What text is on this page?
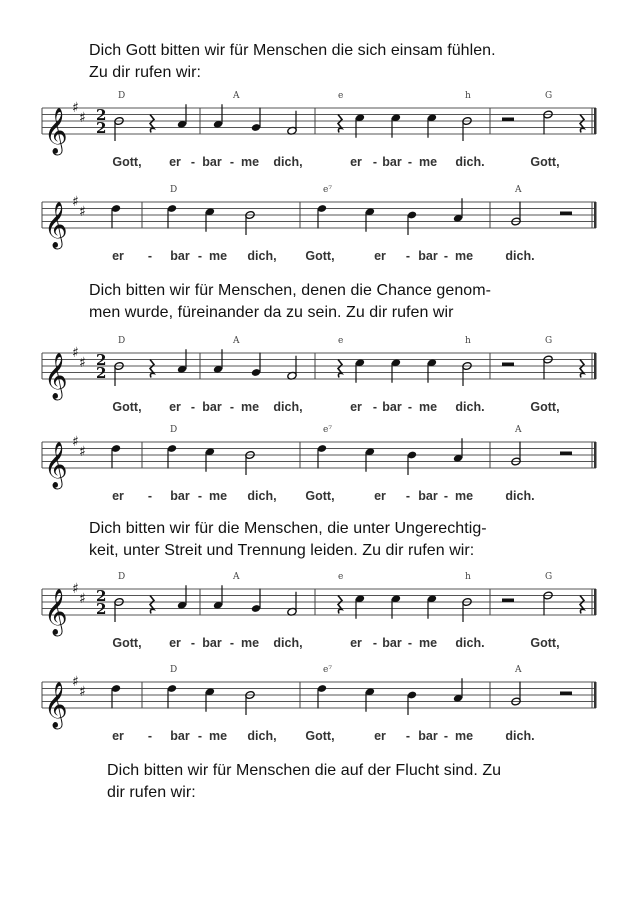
Dich Gott bitten wir für Menschen die sich einsam fühlen.
Zu dir rufen wir:
𝄞 ♯
♯ 2
2
D	A	e	h	G
Gott, er - bar - me dich,	er - bar - me dich.	Gott,
𝄞 ♯
♯
D	e⁷	A
er - bar - me dich, Gott,	er - bar - me	dich.
Dich bitten wir für Menschen, denen die Chance genom-
men wurde, füreinander da zu sein. Zu dir rufen wir
𝄞 ♯
♯ 2
2
D	A	e	h	G
Gott, er - bar - me dich,	er - bar - me dich.	Gott,
𝄞 ♯
♯
D	e⁷	A
er - bar - me dich, Gott,	er - bar - me	dich.
Dich bitten wir für die Menschen, die unter Ungerechtig-
keit, unter Streit und Trennung leiden. Zu dir rufen wir:
𝄞 ♯
♯ 2
2
D	A	e	h	G
Gott, er - bar - me dich,	er - bar - me dich.	Gott,
𝄞 ♯
♯
D	e⁷	A
er - bar - me dich, Gott,	er - bar - me	dich.
Dich bitten wir für Menschen die auf der Flucht sind. Zu
dir rufen wir:
